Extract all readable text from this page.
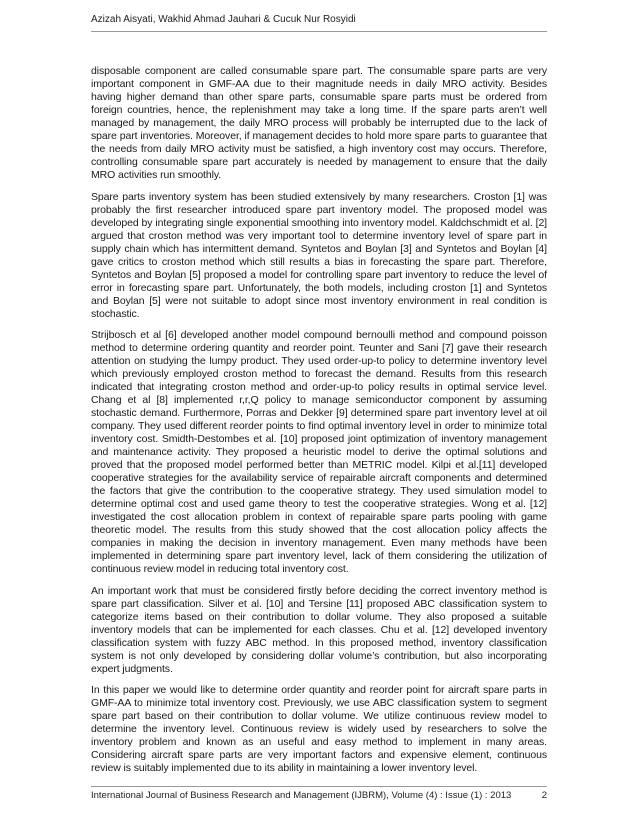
Azizah Aisyati, Wakhid Ahmad Jauhari & Cucuk Nur Rosyidi

disposable component are called consumable spare part. The consumable spare parts are very important component in GMF-AA due to their magnitude needs in daily MRO activity. Besides having higher demand than other spare parts, consumable spare parts must be ordered from foreign countries, hence, the replenishment may take a long time. If the spare parts aren’t well managed by management, the daily MRO process will probably be interrupted due to the lack of spare part inventories. Moreover, if management decides to hold more spare parts to guarantee that the needs from daily MRO activity must be satisfied, a high inventory cost may occurs. Therefore, controlling consumable spare part accurately is needed by management to ensure that the daily MRO activities run smoothly.

Spare parts inventory system has been studied extensively by many researchers. Croston [1] was probably the first researcher introduced spare part inventory model. The proposed model was developed by integrating single exponential smoothing into inventory model. Kaldchschmidt et al. [2] argued that croston method was very important tool to determine inventory level of spare part in supply chain which has intermittent demand. Syntetos and Boylan [3] and Syntetos and Boylan [4] gave critics to croston method which still results a bias in forecasting the spare part. Therefore, Syntetos and Boylan [5] proposed a model for controlling spare part inventory to reduce the level of error in forecasting spare part. Unfortunately, the both models, including croston [1] and Syntetos and Boylan [5] were not suitable to adopt since most inventory environment in real condition is stochastic.

Strijbosch et al [6] developed another model compound bernoulli method and compound poisson method to determine ordering quantity and reorder point. Teunter and Sani [7] gave their research attention on studying the lumpy product. They used order-up-to policy to determine inventory level which previously employed croston method to forecast the demand. Results from this research indicated that integrating croston method and order-up-to policy results in optimal service level. Chang et al [8] implemented r,r,Q policy to manage semiconductor component by assuming stochastic demand. Furthermore, Porras and Dekker [9] determined spare part inventory level at oil company. They used different reorder points to find optimal inventory level in order to minimize total inventory cost. Smidth-Destombes et al. [10] proposed joint optimization of inventory management and maintenance activity. They proposed a heuristic model to derive the optimal solutions and proved that the proposed model performed better than METRIC model. Kilpi et al.[11] developed cooperative strategies for the availability service of repairable aircraft components and determined the factors that give the contribution to the cooperative strategy. They used simulation model to determine optimal cost and used game theory to test the cooperative strategies. Wong et al. [12] investigated the cost allocation problem in context of repairable spare parts pooling with game theoretic model. The results from this study showed that the cost allocation policy affects the companies in making the decision in inventory management. Even many methods have been implemented in determining spare part inventory level, lack of them considering the utilization of continuous review model in reducing total inventory cost.

An important work that must be considered firstly before deciding the correct inventory method is spare part classification. Silver et al. [10] and Tersine [11] proposed ABC classification system to categorize items based on their contribution to dollar volume. They also proposed a suitable inventory models that can be implemented for each classes. Chu et al. [12] developed inventory classification system with fuzzy ABC method. In this proposed method, inventory classification system is not only developed by considering dollar volume’s contribution, but also incorporating expert judgments.

In this paper we would like to determine order quantity and reorder point for aircraft spare parts in GMF-AA to minimize total inventory cost. Previously, we use ABC classification system to segment spare part based on their contribution to dollar volume. We utilize continuous review model to determine the inventory level. Continuous review is widely used by researchers to solve the inventory problem and known as an useful and easy method to implement in many areas. Considering aircraft spare parts are very important factors and expensive element, continuous review is suitably implemented due to its ability in maintaining a lower inventory level.

International Journal of Business Research and Management (IJBRM), Volume (4) : Issue (1) : 2013	2
